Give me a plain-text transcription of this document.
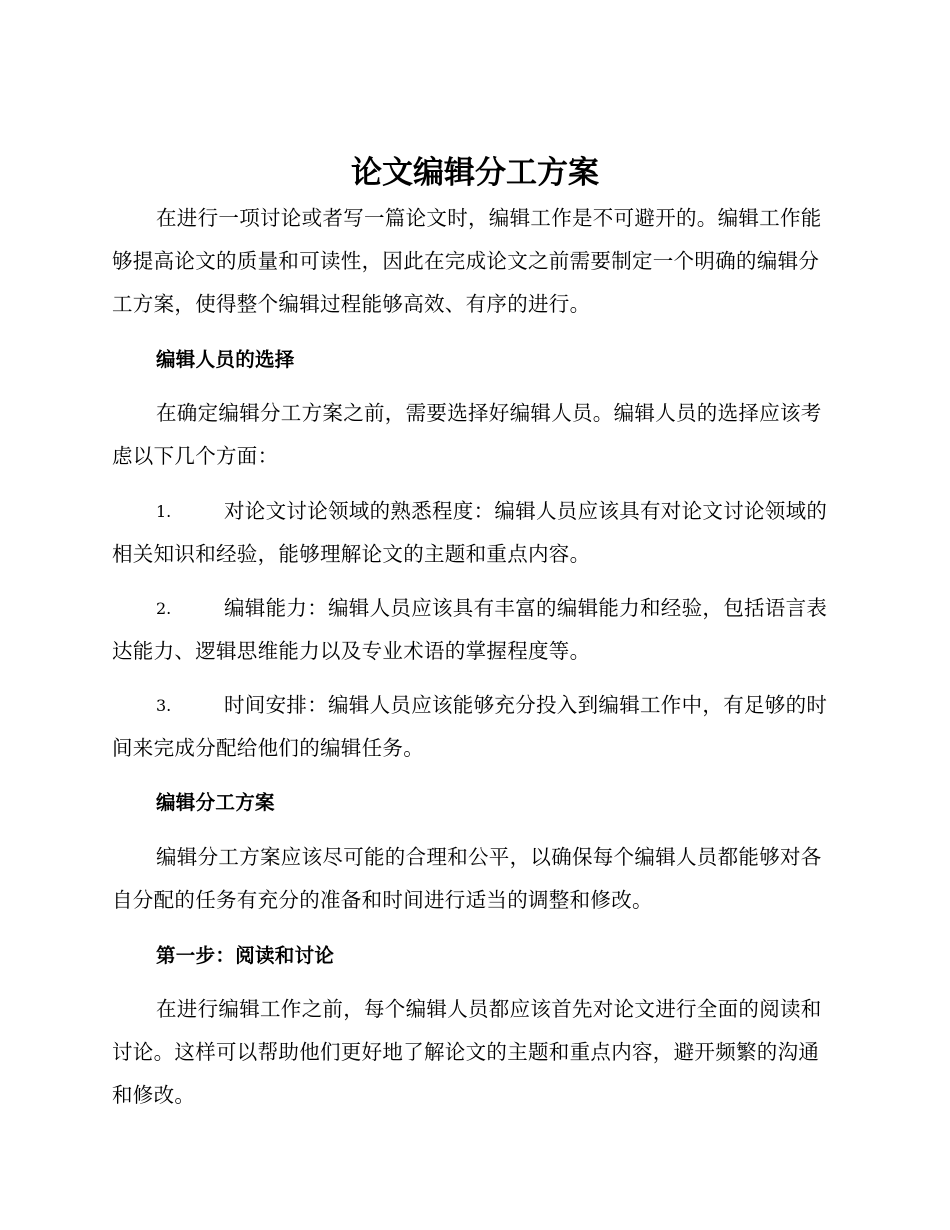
论文编辑分工方案

在进行一项讨论或者写一篇论文时，编辑工作是不可避开的。编辑工作能够提高论文的质量和可读性，因此在完成论文之前需要制定一个明确的编辑分工方案，使得整个编辑过程能够高效、有序的进行。

编辑人员的选择

在确定编辑分工方案之前，需要选择好编辑人员。编辑人员的选择应该考虑以下几个方面：

1.	对论文讨论领域的熟悉程度：编辑人员应该具有对论文讨论领域的相关知识和经验，能够理解论文的主题和重点内容。

2.	编辑能力：编辑人员应该具有丰富的编辑能力和经验，包括语言表达能力、逻辑思维能力以及专业术语的掌握程度等。

3.	时间安排：编辑人员应该能够充分投入到编辑工作中，有足够的时间来完成分配给他们的编辑任务。

编辑分工方案

编辑分工方案应该尽可能的合理和公平，以确保每个编辑人员都能够对各自分配的任务有充分的准备和时间进行适当的调整和修改。

第一步：阅读和讨论

在进行编辑工作之前，每个编辑人员都应该首先对论文进行全面的阅读和讨论。这样可以帮助他们更好地了解论文的主题和重点内容，避开频繁的沟通和修改。
